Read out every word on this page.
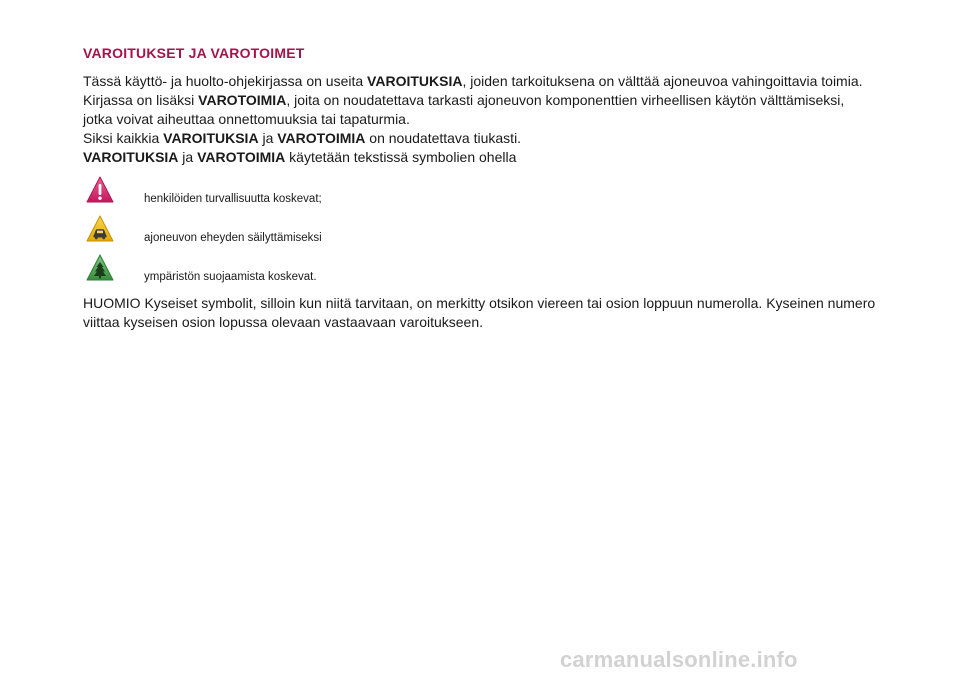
VAROITUKSET JA VAROTOIMET

Tässä käyttö- ja huolto-ohjekirjassa on useita VAROITUKSIA, joiden tarkoituksena on välttää ajoneuvoa vahingoittavia toimia.

Kirjassa on lisäksi VAROTOIMIA, joita on noudatettava tarkasti ajoneuvon komponenttien virheellisen käytön välttämiseksi,
jotka voivat aiheuttaa onnettomuuksia tai tapaturmia.

Siksi kaikkia VAROITUKSIA ja VAROTOIMIA on noudatettava tiukasti.

VAROITUKSIA ja VAROTOIMIA käytetään tekstissä symbolien ohella

henkilöiden turvallisuutta koskevat;
ajoneuvon eheyden säilyttämiseksi
ympäristön suojaamista koskevat.

HUOMIO Kyseiset symbolit, silloin kun niitä tarvitaan, on merkitty otsikon viereen tai osion loppuun numerolla. Kyseinen numero
viittaa kyseisen osion lopussa olevaan vastaavaan varoitukseen.

carmanualsonline.info
